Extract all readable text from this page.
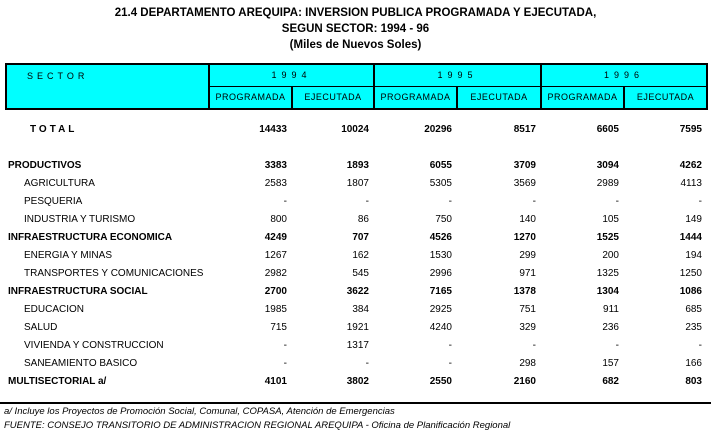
21.4 DEPARTAMENTO AREQUIPA: INVERSION PUBLICA PROGRAMADA Y EJECUTADA,
SEGUN SECTOR: 1994 - 96
(Miles de Nuevos Soles)
SECTOR	1994		1995		1996	
	PROGRAMADA	EJECUTADA	PROGRAMADA	EJECUTADA	PROGRAMADA	EJECUTADA
TOTAL	14433	10024	20296	8517	6605	7595
PRODUCTIVOS	3383	1893	6055	3709	3094	4262
AGRICULTURA	2583	1807	5305	3569	2989	4113
PESQUERIA	-	-	-	-	-	-
INDUSTRIA Y TURISMO	800	86	750	140	105	149
INFRAESTRUCTURA ECONOMICA	4249	707	4526	1270	1525	1444
ENERGIA Y MINAS	1267	162	1530	299	200	194
TRANSPORTES Y COMUNICACIONES	2982	545	2996	971	1325	1250
INFRAESTRUCTURA SOCIAL	2700	3622	7165	1378	1304	1086
EDUCACION	1985	384	2925	751	911	685
SALUD	715	1921	4240	329	236	235
VIVIENDA Y CONSTRUCCION	-	1317	-	-	-	-
SANEAMIENTO BASICO	-	-	-	298	157	166
MULTISECTORIAL a/	4101	3802	2550	2160	682	803
a/ Incluye los Proyectos de Promoción Social, Comunal, COPASA, Atención de Emergencias
FUENTE: CONSEJO TRANSITORIO DE ADMINISTRACION REGIONAL AREQUIPA - Oficina de Planificación Regional
